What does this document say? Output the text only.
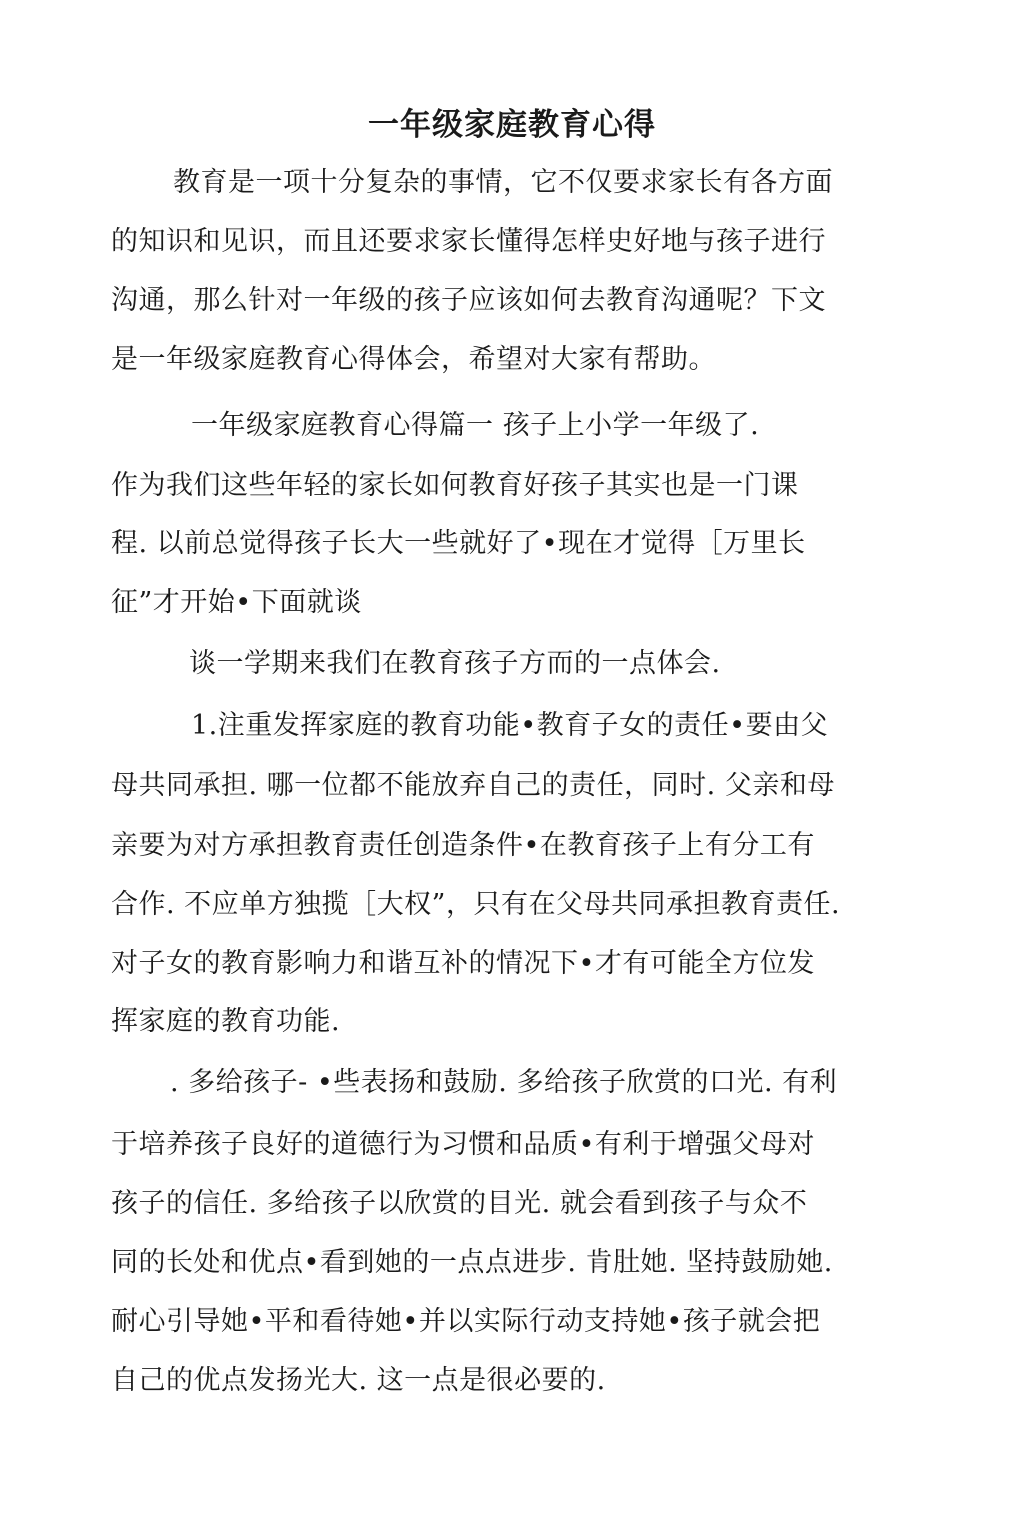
一年级家庭教育心得
教育是一项十分复杂的事情，它不仅要求家长有各方面
的知识和见识，而且还要求家长懂得怎样史好地与孩子进行
沟通，那么针对一年级的孩子应该如何去教育沟通呢？下文
是一年级家庭教育心得体会，希望对大家有帮助。
一年级家庭教育心得篇一 孩子上小学一年级了.
作为我们这些年轻的家长如何教育好孩子其实也是一门课
程. 以前总觉得孩子长大一些就好了•现在才觉得［万里长
征”才开始•下面就谈
谈一学期来我们在教育孩子方而的一点体会.
1.注重发挥家庭的教育功能•教育子女的责任•要由父
母共同承担. 哪一位都不能放弃自己的责任，同时. 父亲和母
亲要为对方承担教育责任创造条件•在教育孩子上有分工有
合作. 不应单方独揽［大权”，只有在父母共同承担教育责任.
对子女的教育影响力和谐互补的情况下•才有可能全方位发
挥家庭的教育功能.
. 多给孩子- •些表扬和鼓励. 多给孩子欣赏的口光. 有利
于培养孩子良好的道德行为习惯和品质•有利于增强父母对
孩子的信任. 多给孩子以欣赏的目光. 就会看到孩子与众不
同的长处和优点•看到她的一点点进步. 肯肚她. 坚持鼓励她.
耐心引导她•平和看待她•并以实际行动支持她•孩子就会把
自己的优点发扬光大. 这一点是很必要的.
